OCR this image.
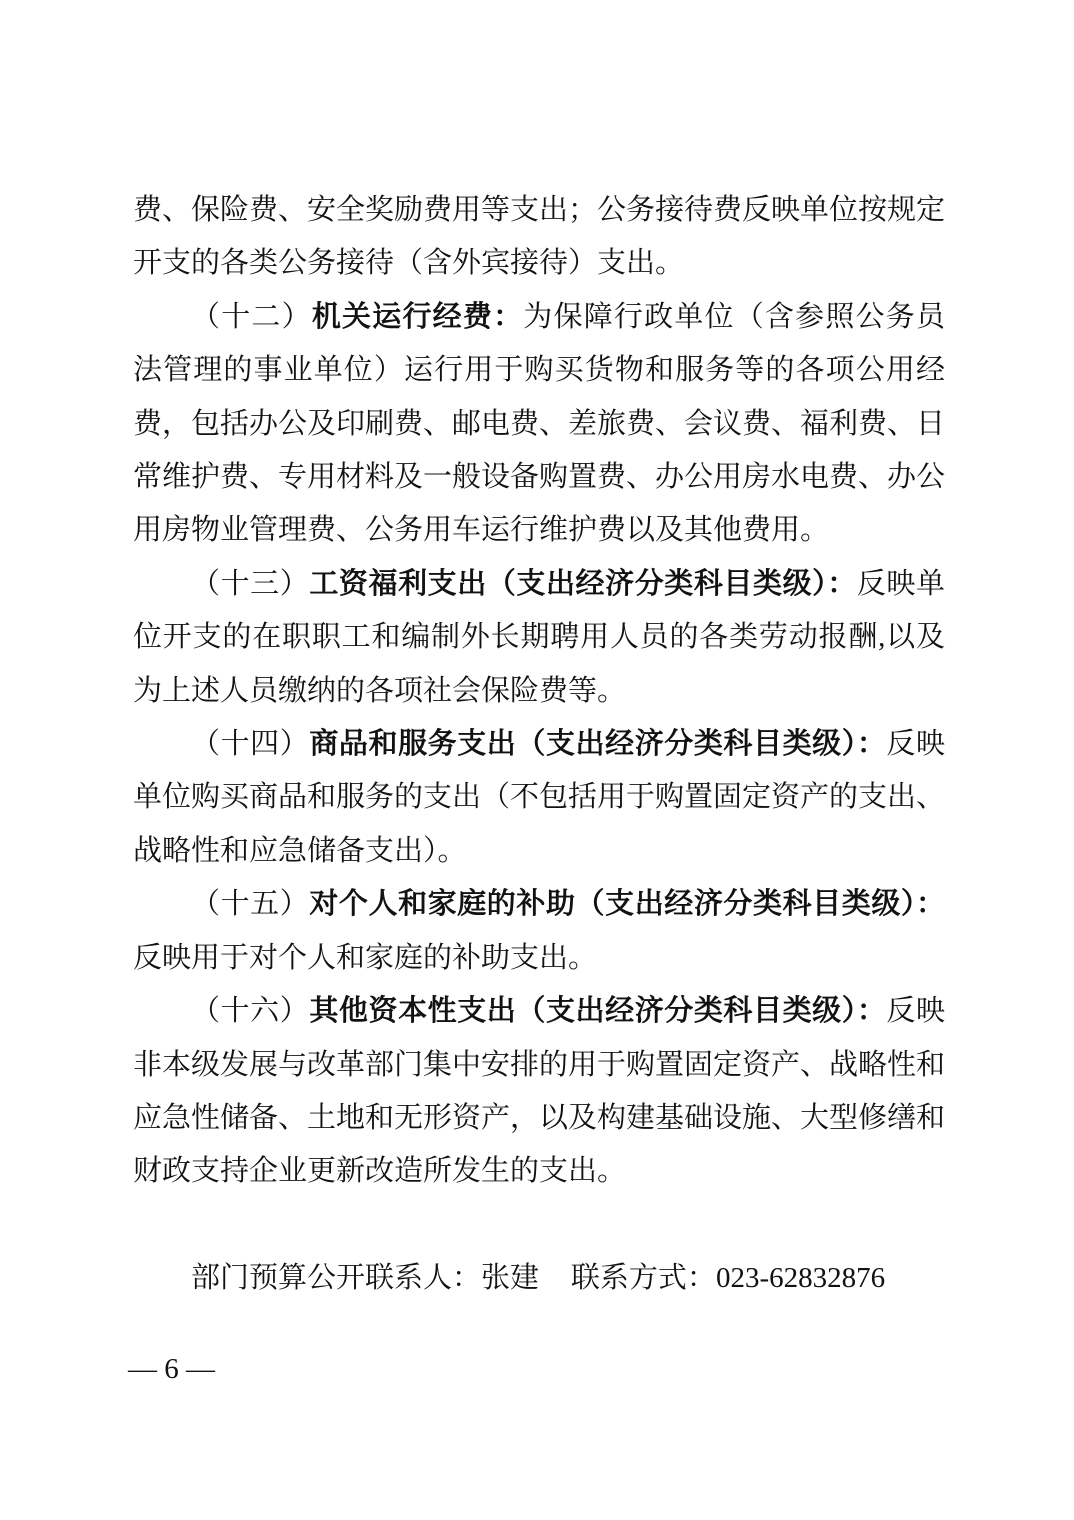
费、保险费、安全奖励费用等支出；公务接待费反映单位按规定开支的各类公务接待（含外宾接待）支出。

（十二）机关运行经费：为保障行政单位（含参照公务员法管理的事业单位）运行用于购买货物和服务等的各项公用经费，包括办公及印刷费、邮电费、差旅费、会议费、福利费、日常维护费、专用材料及一般设备购置费、办公用房水电费、办公用房物业管理费、公务用车运行维护费以及其他费用。

（十三）工资福利支出（支出经济分类科目类级）：反映单位开支的在职职工和编制外长期聘用人员的各类劳动报酬,以及为上述人员缴纳的各项社会保险费等。

（十四）商品和服务支出（支出经济分类科目类级）：反映单位购买商品和服务的支出（不包括用于购置固定资产的支出、战略性和应急储备支出）。

（十五）对个人和家庭的补助（支出经济分类科目类级）：反映用于对个人和家庭的补助支出。

（十六）其他资本性支出（支出经济分类科目类级）：反映非本级发展与改革部门集中安排的用于购置固定资产、战略性和应急性储备、土地和无形资产，以及构建基础设施、大型修缮和财政支持企业更新改造所发生的支出。

部门预算公开联系人：张建 联系方式：023-62832876

— 6 —
